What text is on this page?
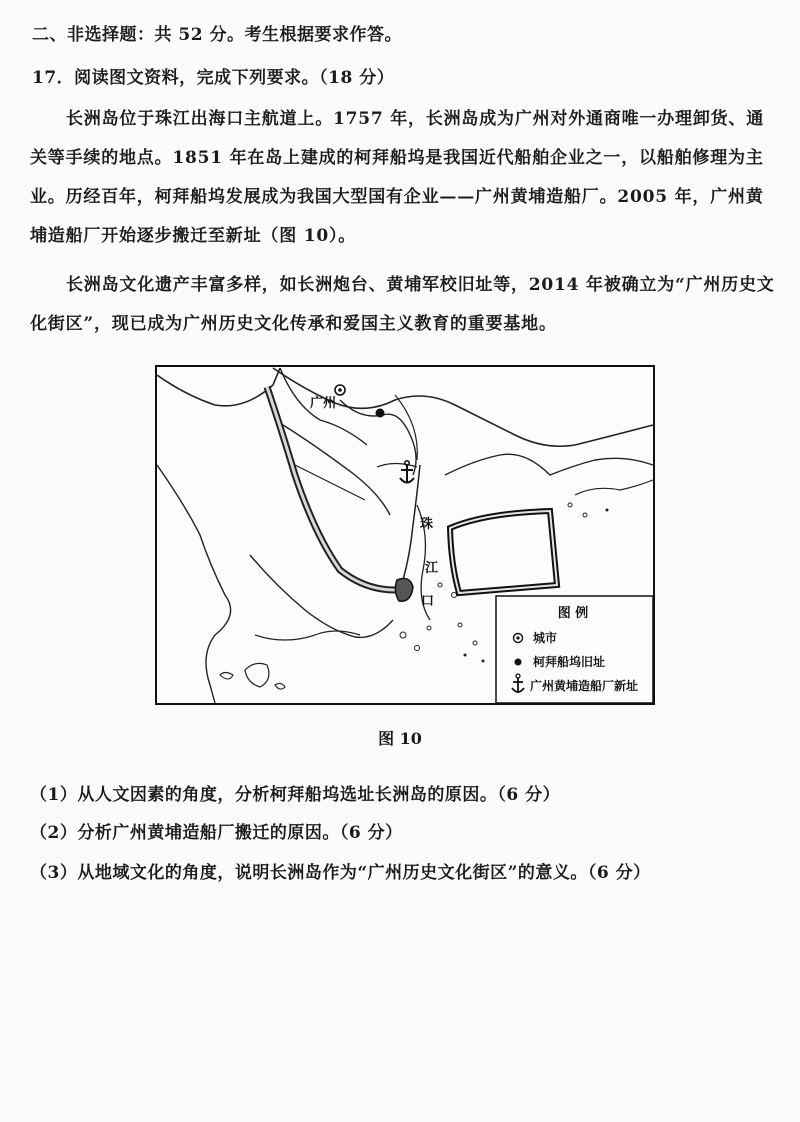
二、非选择题：共 52 分。考生根据要求作答。
17．阅读图文资料，完成下列要求。（18 分）

长洲岛位于珠江出海口主航道上。1757 年，长洲岛成为广州对外通商唯一办理卸货、通关等手续的地点。1851 年在岛上建成的柯拜船坞是我国近代船舶企业之一，以船舶修理为主业。历经百年，柯拜船坞发展成为我国大型国有企业——广州黄埔造船厂。2005 年，广州黄埔造船厂开始逐步搬迁至新址（图 10）。

长洲岛文化遗产丰富多样，如长洲炮台、黄埔军校旧址等，2014 年被确立为“广州历史文化街区”，现已成为广州历史文化传承和爱国主义教育的重要基地。

广州
珠
江
口
图 例
城市
柯拜船坞旧址
广州黄埔造船厂新址
图 10
（1）从人文因素的角度，分析柯拜船坞选址长洲岛的原因。（6 分）
（2）分析广州黄埔造船厂搬迁的原因。（6 分）
（3）从地域文化的角度，说明长洲岛作为“广州历史文化街区”的意义。（6 分）
